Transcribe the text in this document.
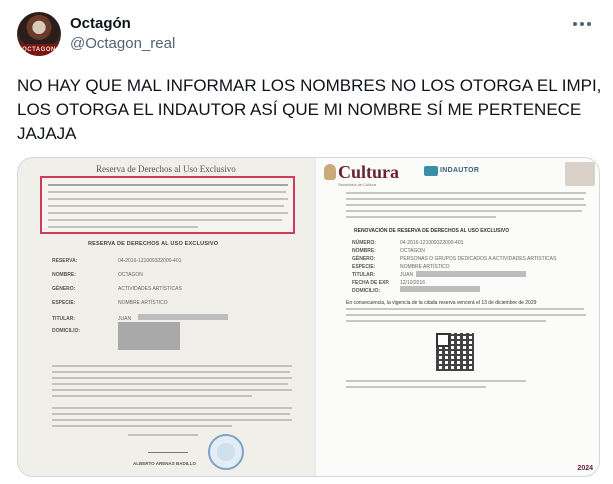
OCTAGON
Octagón
@Octagon_real
NO HAY QUE MAL INFORMAR LOS NOMBRES NO LOS OTORGA EL IMPI, LOS OTORGA EL INDAUTOR ASÍ QUE MI NOMBRE SÍ ME PERTENECE JAJAJA
Reserva de Derechos al Uso Exclusivo
RESERVA DE DERECHOS AL USO EXCLUSIVO
RESERVA:	04-2016-121009322000-401
NOMBRE:	OCTAGON
GÉNERO:	ACTIVIDADES ARTÍSTICAS
ESPECIE:	NOMBRE ARTÍSTICO
TITULAR:	JUAN
DOMICILIO:
ALBERTO ARENAS BADILLO
Cultura
Secretaría de Cultura
INDAUTOR
RENOVACIÓN DE RESERVA DE DERECHOS AL USO EXCLUSIVO
NÚMERO:	04-2016-121009322000-401
NOMBRE:	OCTAGON
GÉNERO:	PERSONAS O GRUPOS DEDICADOS A ACTIVIDADES ARTÍSTICAS
ESPECIE:	NOMBRE ARTÍSTICO
TITULAR:	JUAN
FECHA DE EXP. 12/10/2016
DOMICILIO:
En consecuencia, la vigencia de la citada reserva vencerá el 13 de diciembre de 2029
2024
